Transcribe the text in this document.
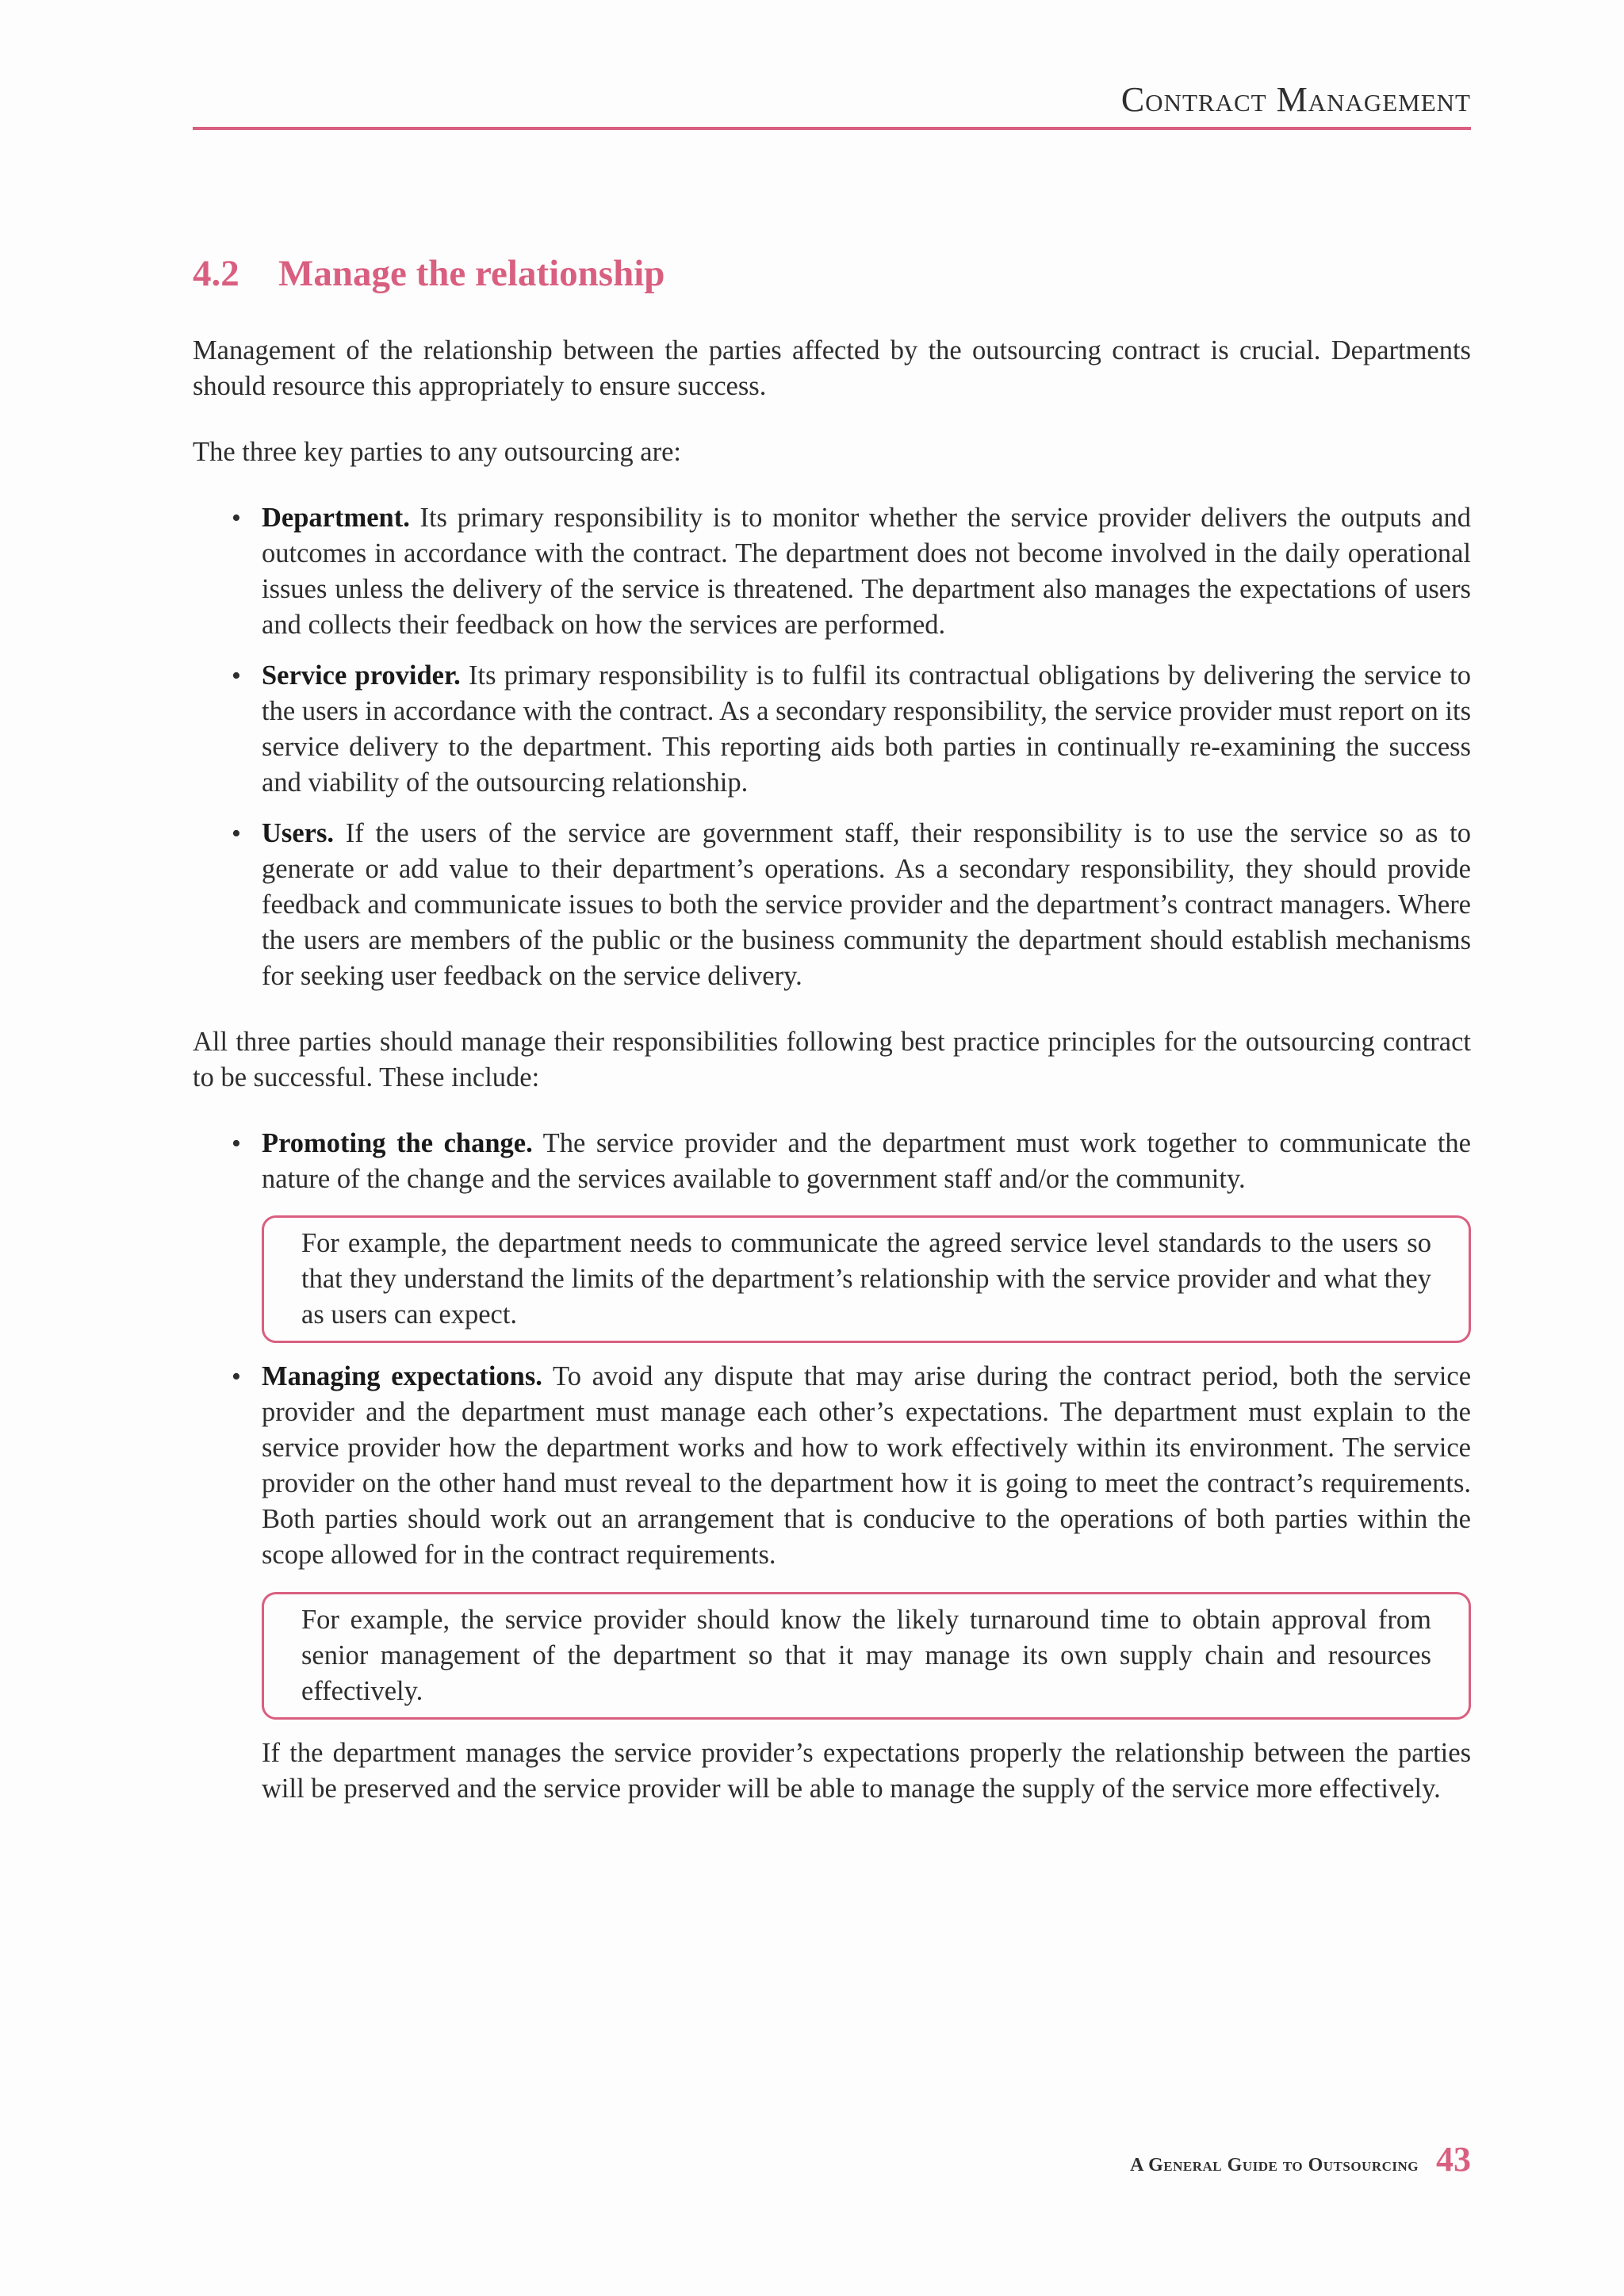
Contract Management
4.2 Manage the relationship

Management of the relationship between the parties affected by the outsourcing contract is crucial. Departments should resource this appropriately to ensure success.

The three key parties to any outsourcing are:

• Department. Its primary responsibility is to monitor whether the service provider delivers the outputs and outcomes in accordance with the contract. The department does not become involved in the daily operational issues unless the delivery of the service is threatened. The department also manages the expectations of users and collects their feedback on how the services are performed.
• Service provider. Its primary responsibility is to fulfil its contractual obligations by delivering the service to the users in accordance with the contract. As a secondary responsibility, the service provider must report on its service delivery to the department. This reporting aids both parties in continually re-examining the success and viability of the outsourcing relationship.
• Users. If the users of the service are government staff, their responsibility is to use the service so as to generate or add value to their department’s operations. As a secondary responsibility, they should provide feedback and communicate issues to both the service provider and the department’s contract managers. Where the users are members of the public or the business community the department should establish mechanisms for seeking user feedback on the service delivery.

All three parties should manage their responsibilities following best practice principles for the outsourcing contract to be successful. These include:

• Promoting the change. The service provider and the department must work together to communicate the nature of the change and the services available to government staff and/or the community.
For example, the department needs to communicate the agreed service level standards to the users so that they understand the limits of the department’s relationship with the service provider and what they as users can expect.
• Managing expectations. To avoid any dispute that may arise during the contract period, both the service provider and the department must manage each other’s expectations. The department must explain to the service provider how the department works and how to work effectively within its environment. The service provider on the other hand must reveal to the department how it is going to meet the contract’s requirements. Both parties should work out an arrangement that is conducive to the operations of both parties within the scope allowed for in the contract requirements.
For example, the service provider should know the likely turnaround time to obtain approval from senior management of the department so that it may manage its own supply chain and resources effectively.

If the department manages the service provider’s expectations properly the relationship between the parties will be preserved and the service provider will be able to manage the supply of the service more effectively.

A General Guide to Outsourcing 43
